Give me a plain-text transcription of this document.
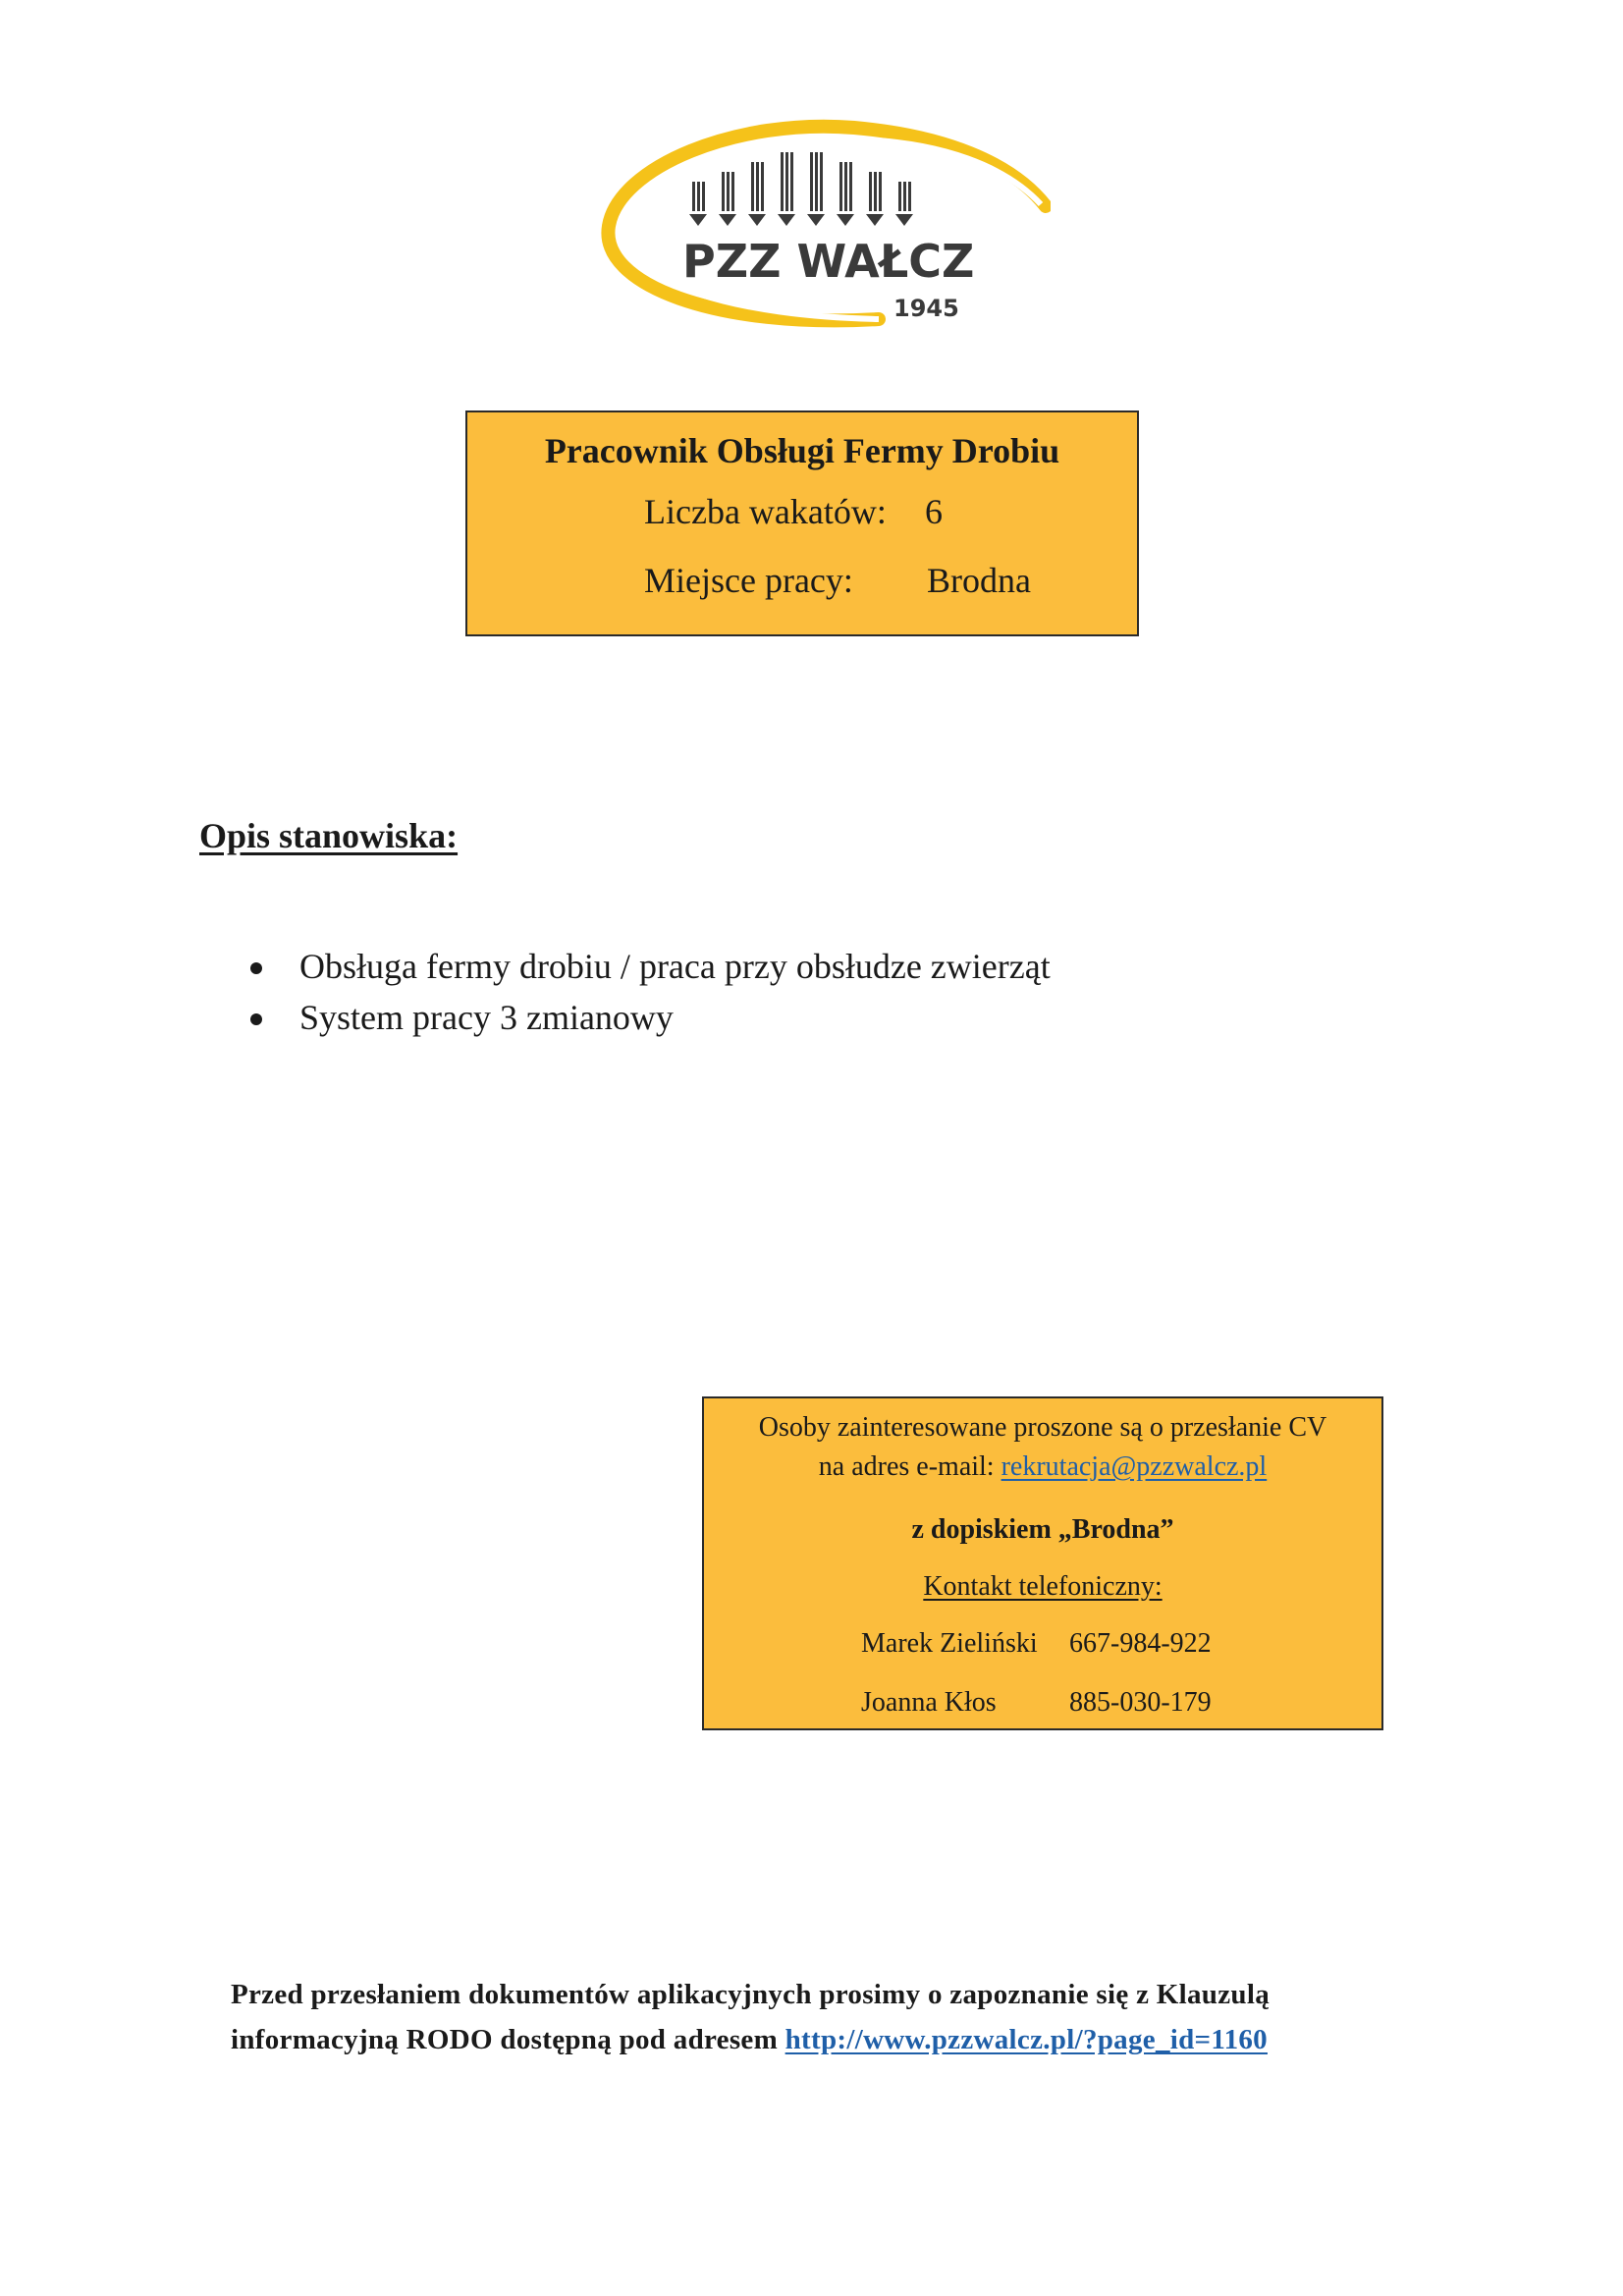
PZZ WAŁCZ
1945
Pracownik Obsługi Fermy Drobiu
Liczba wakatów: 6
Miejsce pracy: Brodna
Opis stanowiska:
Obsługa fermy drobiu / praca przy obsłudze zwierząt
System pracy 3 zmianowy
Osoby zainteresowane proszone są o przesłanie CV
na adres e-mail: rekrutacja@pzzwalcz.pl
z dopiskiem „Brodna”
Kontakt telefoniczny:
Marek Zieliński 667-984-922
Joanna Kłos	885-030-179
Przed przesłaniem dokumentów aplikacyjnych prosimy o zapoznanie się z Klauzulą
informacyjną RODO dostępną pod adresem http://www.pzzwalcz.pl/?page_id=1160
